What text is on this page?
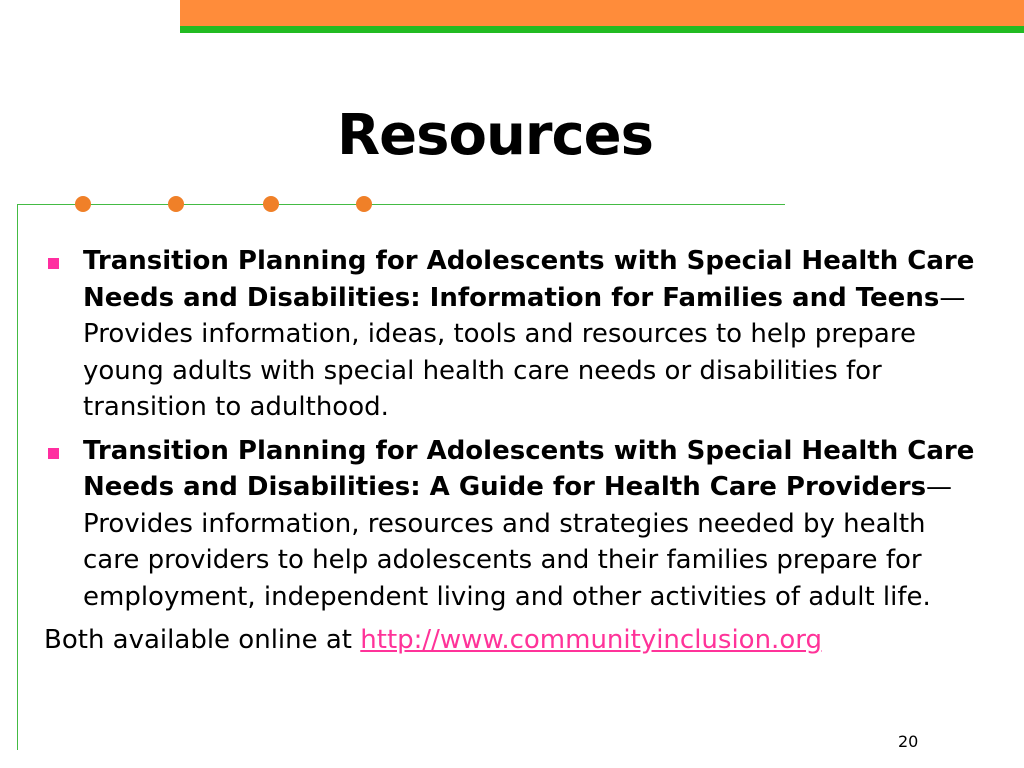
Resources
Transition Planning for Adolescents with Special Health Care Needs and Disabilities: Information for Families and Teens—Provides information, ideas, tools and resources to help prepare young adults with special health care needs or disabilities for transition to adulthood.
Transition Planning for Adolescents with Special Health Care Needs and Disabilities: A Guide for Health Care Providers—Provides information, resources and strategies needed by health care providers to help adolescents and their families prepare for employment, independent living and other activities of adult life.
Both available online at http://www.communityinclusion.org
20
